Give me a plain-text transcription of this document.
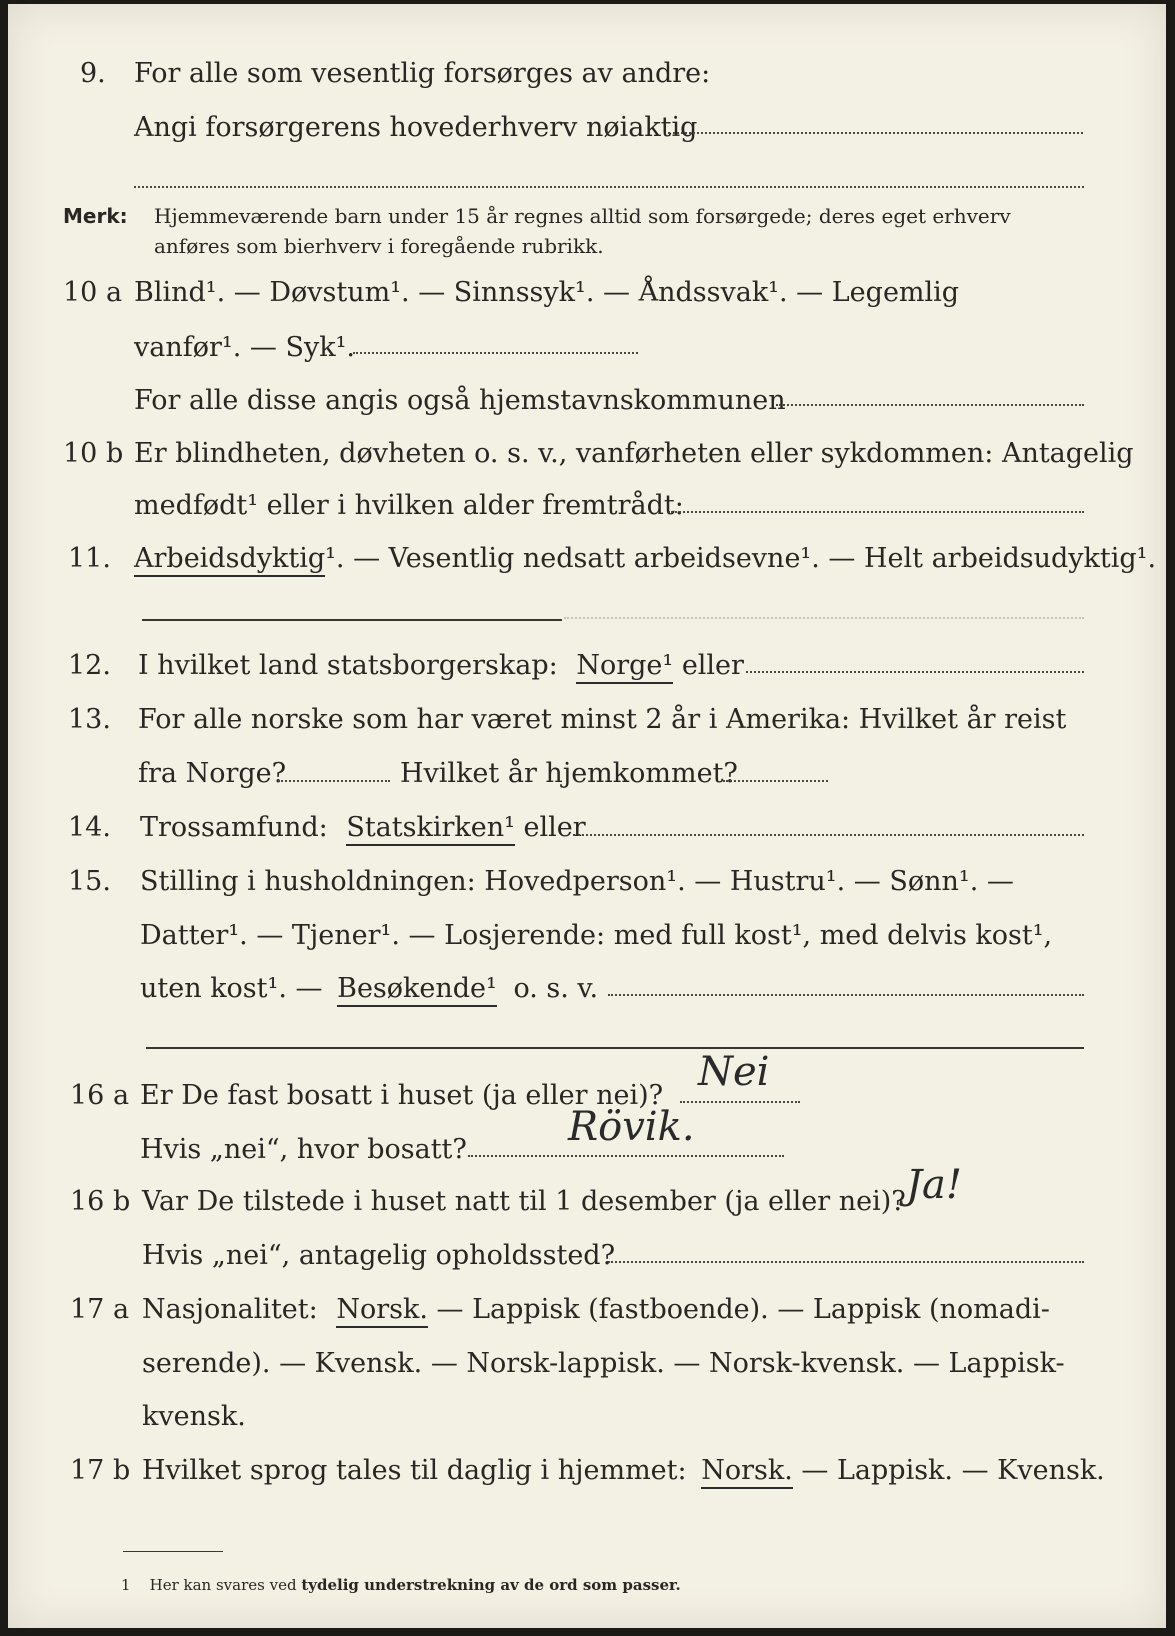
9. For alle som vesentlig forsørges av andre:
Angi forsørgerens hovederhverv nøiaktig
Merk: Hjemmeværende barn under 15 år regnes alltid som forsørgede; deres eget erhverv
anføres som bierhverv i foregående rubrikk.
10 a Blind¹. — Døvstum¹. — Sinnssyk¹. — Åndssvak¹. — Legemlig
vanfør¹. — Syk¹.
For alle disse angis også hjemstavnskommunen
10 b Er blindheten, døvheten o. s. v., vanførheten eller sykdommen: Antagelig
medfødt¹ eller i hvilken alder fremtrådt:
11. Arbeidsdyktig¹. — Vesentlig nedsatt arbeidsevne¹. — Helt arbeidsudyktig¹.
12. I hvilket land statsborgerskap: Norge¹ eller
13. For alle norske som har været minst 2 år i Amerika: Hvilket år reist
fra Norge?	Hvilket år hjemkommet?
14. Trossamfund: Statskirken¹ eller
15. Stilling i husholdningen: Hovedperson¹. — Hustru¹. — Sønn¹. —
Datter¹. — Tjener¹. — Losjerende: med full kost¹, med delvis kost¹,
uten kost¹. — Besøkende¹ o. s. v.
16 a Er De fast bosatt i huset (ja eller nei)?
Nei
Hvis „nei“, hvor bosatt?	Rövik.
16 b Var De tilstede i huset natt til 1 desember (ja eller nei)? Ja!
Hvis „nei“, antagelig opholdssted?
17 a Nasjonalitet: Norsk. — Lappisk (fastboende). — Lappisk (nomadi-
serende). — Kvensk. — Norsk-lappisk. — Norsk-kvensk. — Lappisk-
kvensk.
17 b Hvilket sprog tales til daglig i hjemmet: Norsk. — Lappisk. — Kvensk.
1 Her kan svares ved tydelig understrekning av de ord som passer.
